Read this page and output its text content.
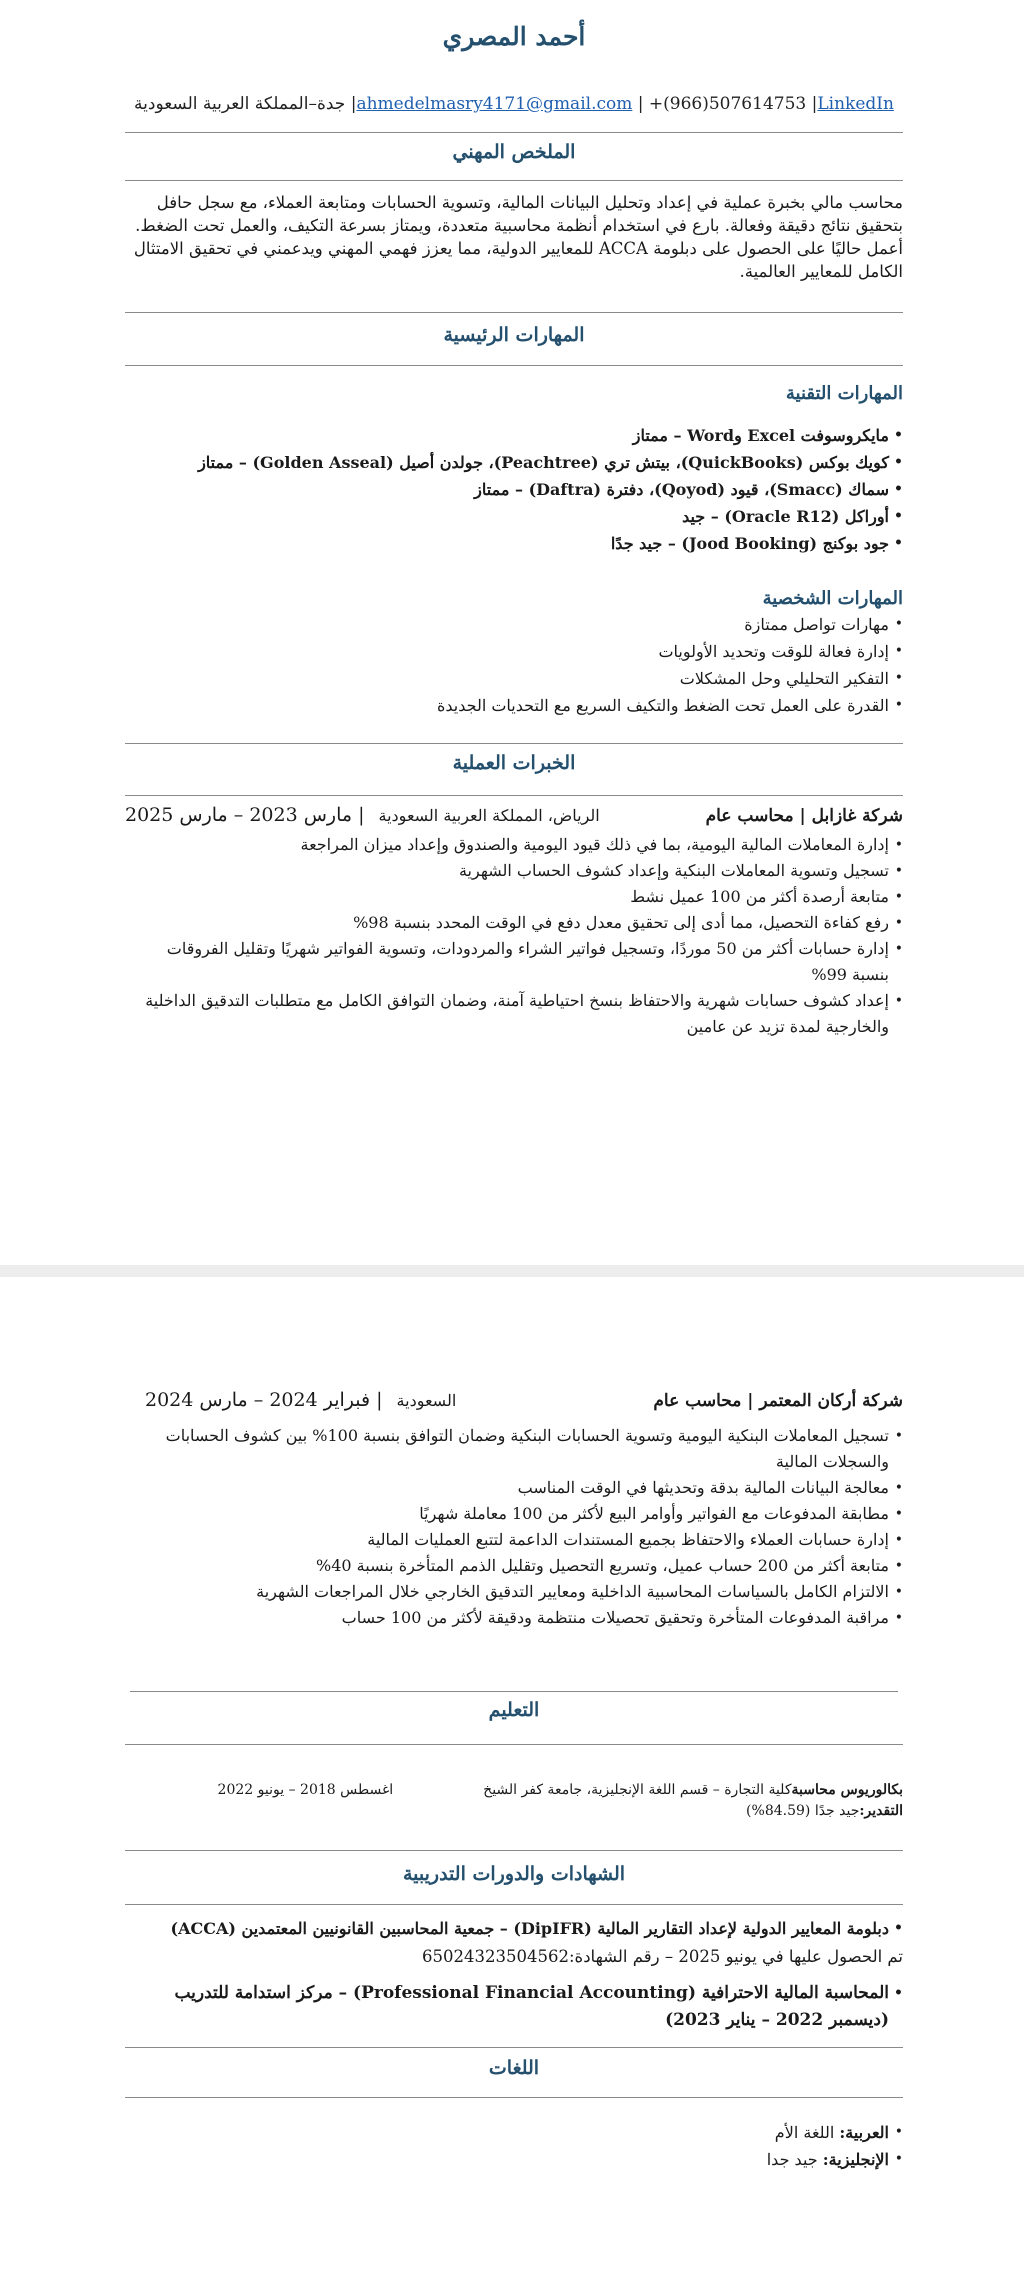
أحمد المصري
جدة–المملكة العربية السعودية |ahmedelmasry4171@gmail.com | +(966)507614753 |LinkedIn
الملخص المهني

محاسب مالي بخبرة عملية في إعداد وتحليل البيانات المالية، وتسوية الحسابات ومتابعة العملاء، مع سجل حافل

بتحقيق نتائج دقيقة وفعالة. بارع في استخدام أنظمة محاسبية متعددة، ويمتاز بسرعة التكيف، والعمل تحت الضغط.

أعمل حاليًا على الحصول على دبلومة ACCA للمعايير الدولية، مما يعزز فهمي المهني ويدعمني في تحقيق الامتثال

الكامل للمعايير العالمية.

المهارات الرئيسية
المهارات التقنية
• مايكروسوفت Excel وWord – ممتاز
• كويك بوكس (QuickBooks)، بيتش تري (Peachtree)، جولدن أصيل (Golden Asseal) – ممتاز
• سماك (Smacc)، قيود (Qoyod)، دفترة (Daftra) – ممتاز
• أوراكل (Oracle R12) – جيد
• جود بوكنج (Jood Booking) – جيد جدًا
المهارات الشخصية
• مهارات تواصل ممتازة
• إدارة فعالة للوقت وتحديد الأولويات
• التفكير التحليلي وحل المشكلات
• القدرة على العمل تحت الضغط والتكيف السريع مع التحديات الجديدة
الخبرات العملية
شركة غازابل | محاسب عام
الرياض، المملكة العربية السعودية
| مارس 2023 – مارس 2025
• إدارة المعاملات المالية اليومية، بما في ذلك قيود اليومية والصندوق وإعداد ميزان المراجعة
• تسجيل وتسوية المعاملات البنكية وإعداد كشوف الحساب الشهرية
• متابعة أرصدة أكثر من 100 عميل نشط
• رفع كفاءة التحصيل، مما أدى إلى تحقيق معدل دفع في الوقت المحدد بنسبة 98%
• إدارة حسابات أكثر من 50 موردًا، وتسجيل فواتير الشراء والمردودات، وتسوية الفواتير شهريًا وتقليل الفروقات بنسبة 99%
• إعداد كشوف حسابات شهرية والاحتفاظ بنسخ احتياطية آمنة، وضمان التوافق الكامل مع متطلبات التدقيق الداخلية والخارجية لمدة تزيد عن عامين
شركة أركان المعتمر | محاسب عام
السعودية
| فبراير 2024 – مارس 2024
• تسجيل المعاملات البنكية اليومية وتسوية الحسابات البنكية وضمان التوافق بنسبة 100% بين كشوف الحسابات والسجلات المالية
• معالجة البيانات المالية بدقة وتحديثها في الوقت المناسب
• مطابقة المدفوعات مع الفواتير وأوامر البيع لأكثر من 100 معاملة شهريًا
• إدارة حسابات العملاء والاحتفاظ بجميع المستندات الداعمة لتتبع العمليات المالية
• متابعة أكثر من 200 حساب عميل، وتسريع التحصيل وتقليل الذمم المتأخرة بنسبة 40%
• الالتزام الكامل بالسياسات المحاسبية الداخلية ومعايير التدقيق الخارجي خلال المراجعات الشهرية
• مراقبة المدفوعات المتأخرة وتحقيق تحصيلات منتظمة ودقيقة لأكثر من 100 حساب
التعليم
بكالوريوس محاسبة
كلية التجارة – قسم اللغة الإنجليزية، جامعة كفر الشيخ
اغسطس 2018 – يونيو 2022
التقدير:
جيد جدًا (84.59%)
الشهادات والدورات التدريبية
• دبلومة المعايير الدولية لإعداد التقارير المالية (DipIFR) – جمعية المحاسبين القانونيين المعتمدين (ACCA)

تم الحصول عليها في يونيو 2025 – رقم الشهادة:65024323504562

• المحاسبة المالية الاحترافية (Professional Financial Accounting) – مركز استدامة للتدريب (ديسمبر 2022 – يناير 2023)
اللغات
• العربية: اللغة الأم
• الإنجليزية: جيد جدا
